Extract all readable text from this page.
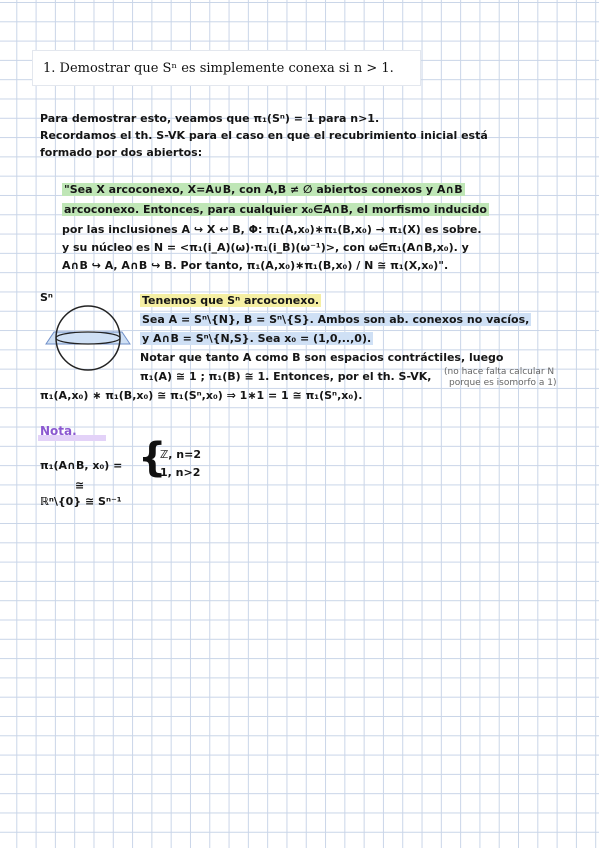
1. Demostrar que Sⁿ es simplemente conexa si n > 1.

Para demostrar esto, veamos que π₁(Sⁿ) = 1 para n>1.

Recordamos el th. S-VK para el caso en que el recubrimiento inicial está

formado por dos abiertos:

"Sea X arcoconexo, X=A∪B, con A,B ≠ ∅ abiertos conexos y A∩B

arcoconexo. Entonces, para cualquier x₀∈A∩B, el morfismo inducido

por las inclusiones A ↪ X ↩ B, Φ: π₁(A,x₀)∗π₁(B,x₀) → π₁(X) es sobre.

y su núcleo es N = <π₁(i_A)(ω)·π₁(i_B)(ω⁻¹)>, con ω∈π₁(A∩B,x₀). y

A∩B ↪ A, A∩B ↪ B. Por tanto, π₁(A,x₀)∗π₁(B,x₀) / N ≅ π₁(X,x₀)".

Sⁿ	Tenemos que Sⁿ arcoconexo.

Sea A = Sⁿ\{N}, B = Sⁿ\{S}. Ambos son ab. conexos no vacíos,

y A∩B = Sⁿ\{N,S}. Sea x₀ = (1,0,..,0).

Notar que tanto A como B son espacios contráctiles, luego

π₁(A) ≅ 1 ; π₁(B) ≅ 1. Entonces, por el th. S-VK, (no hace falta calcular N

porque es isomorfo a 1)

π₁(A,x₀) ∗ π₁(B,x₀) ≅ π₁(Sⁿ,x₀) ⇒ 1∗1 = 1 ≅ π₁(Sⁿ,x₀).

Nota.

π₁(A∩B, x₀) = {

ℤ, n=2

1, n>2

≅

ℝⁿ\{0} ≅ Sⁿ⁻¹
